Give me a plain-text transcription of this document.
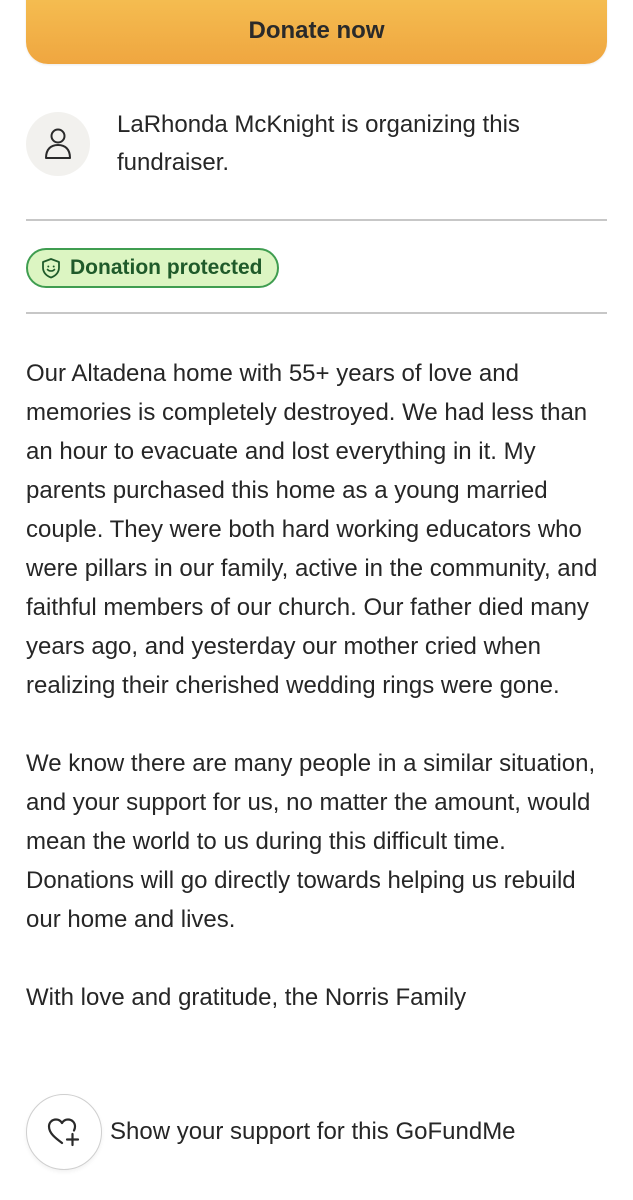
Donate now
LaRhonda McKnight is organizing this fundraiser.
Donation protected

Our Altadena home with 55+ years of love and memories is completely destroyed. We had less than an hour to evacuate and lost everything in it. My parents purchased this home as a young married couple. They were both hard working educators who were pillars in our family, active in the community, and faithful members of our church. Our father died many years ago, and yesterday our mother cried when realizing their cherished wedding rings were gone.

We know there are many people in a similar situation, and your support for us, no matter the amount, would mean the world to us during this difficult time. Donations will go directly towards helping us rebuild our home and lives.

With love and gratitude, the Norris Family

Show your support for this GoFundMe
